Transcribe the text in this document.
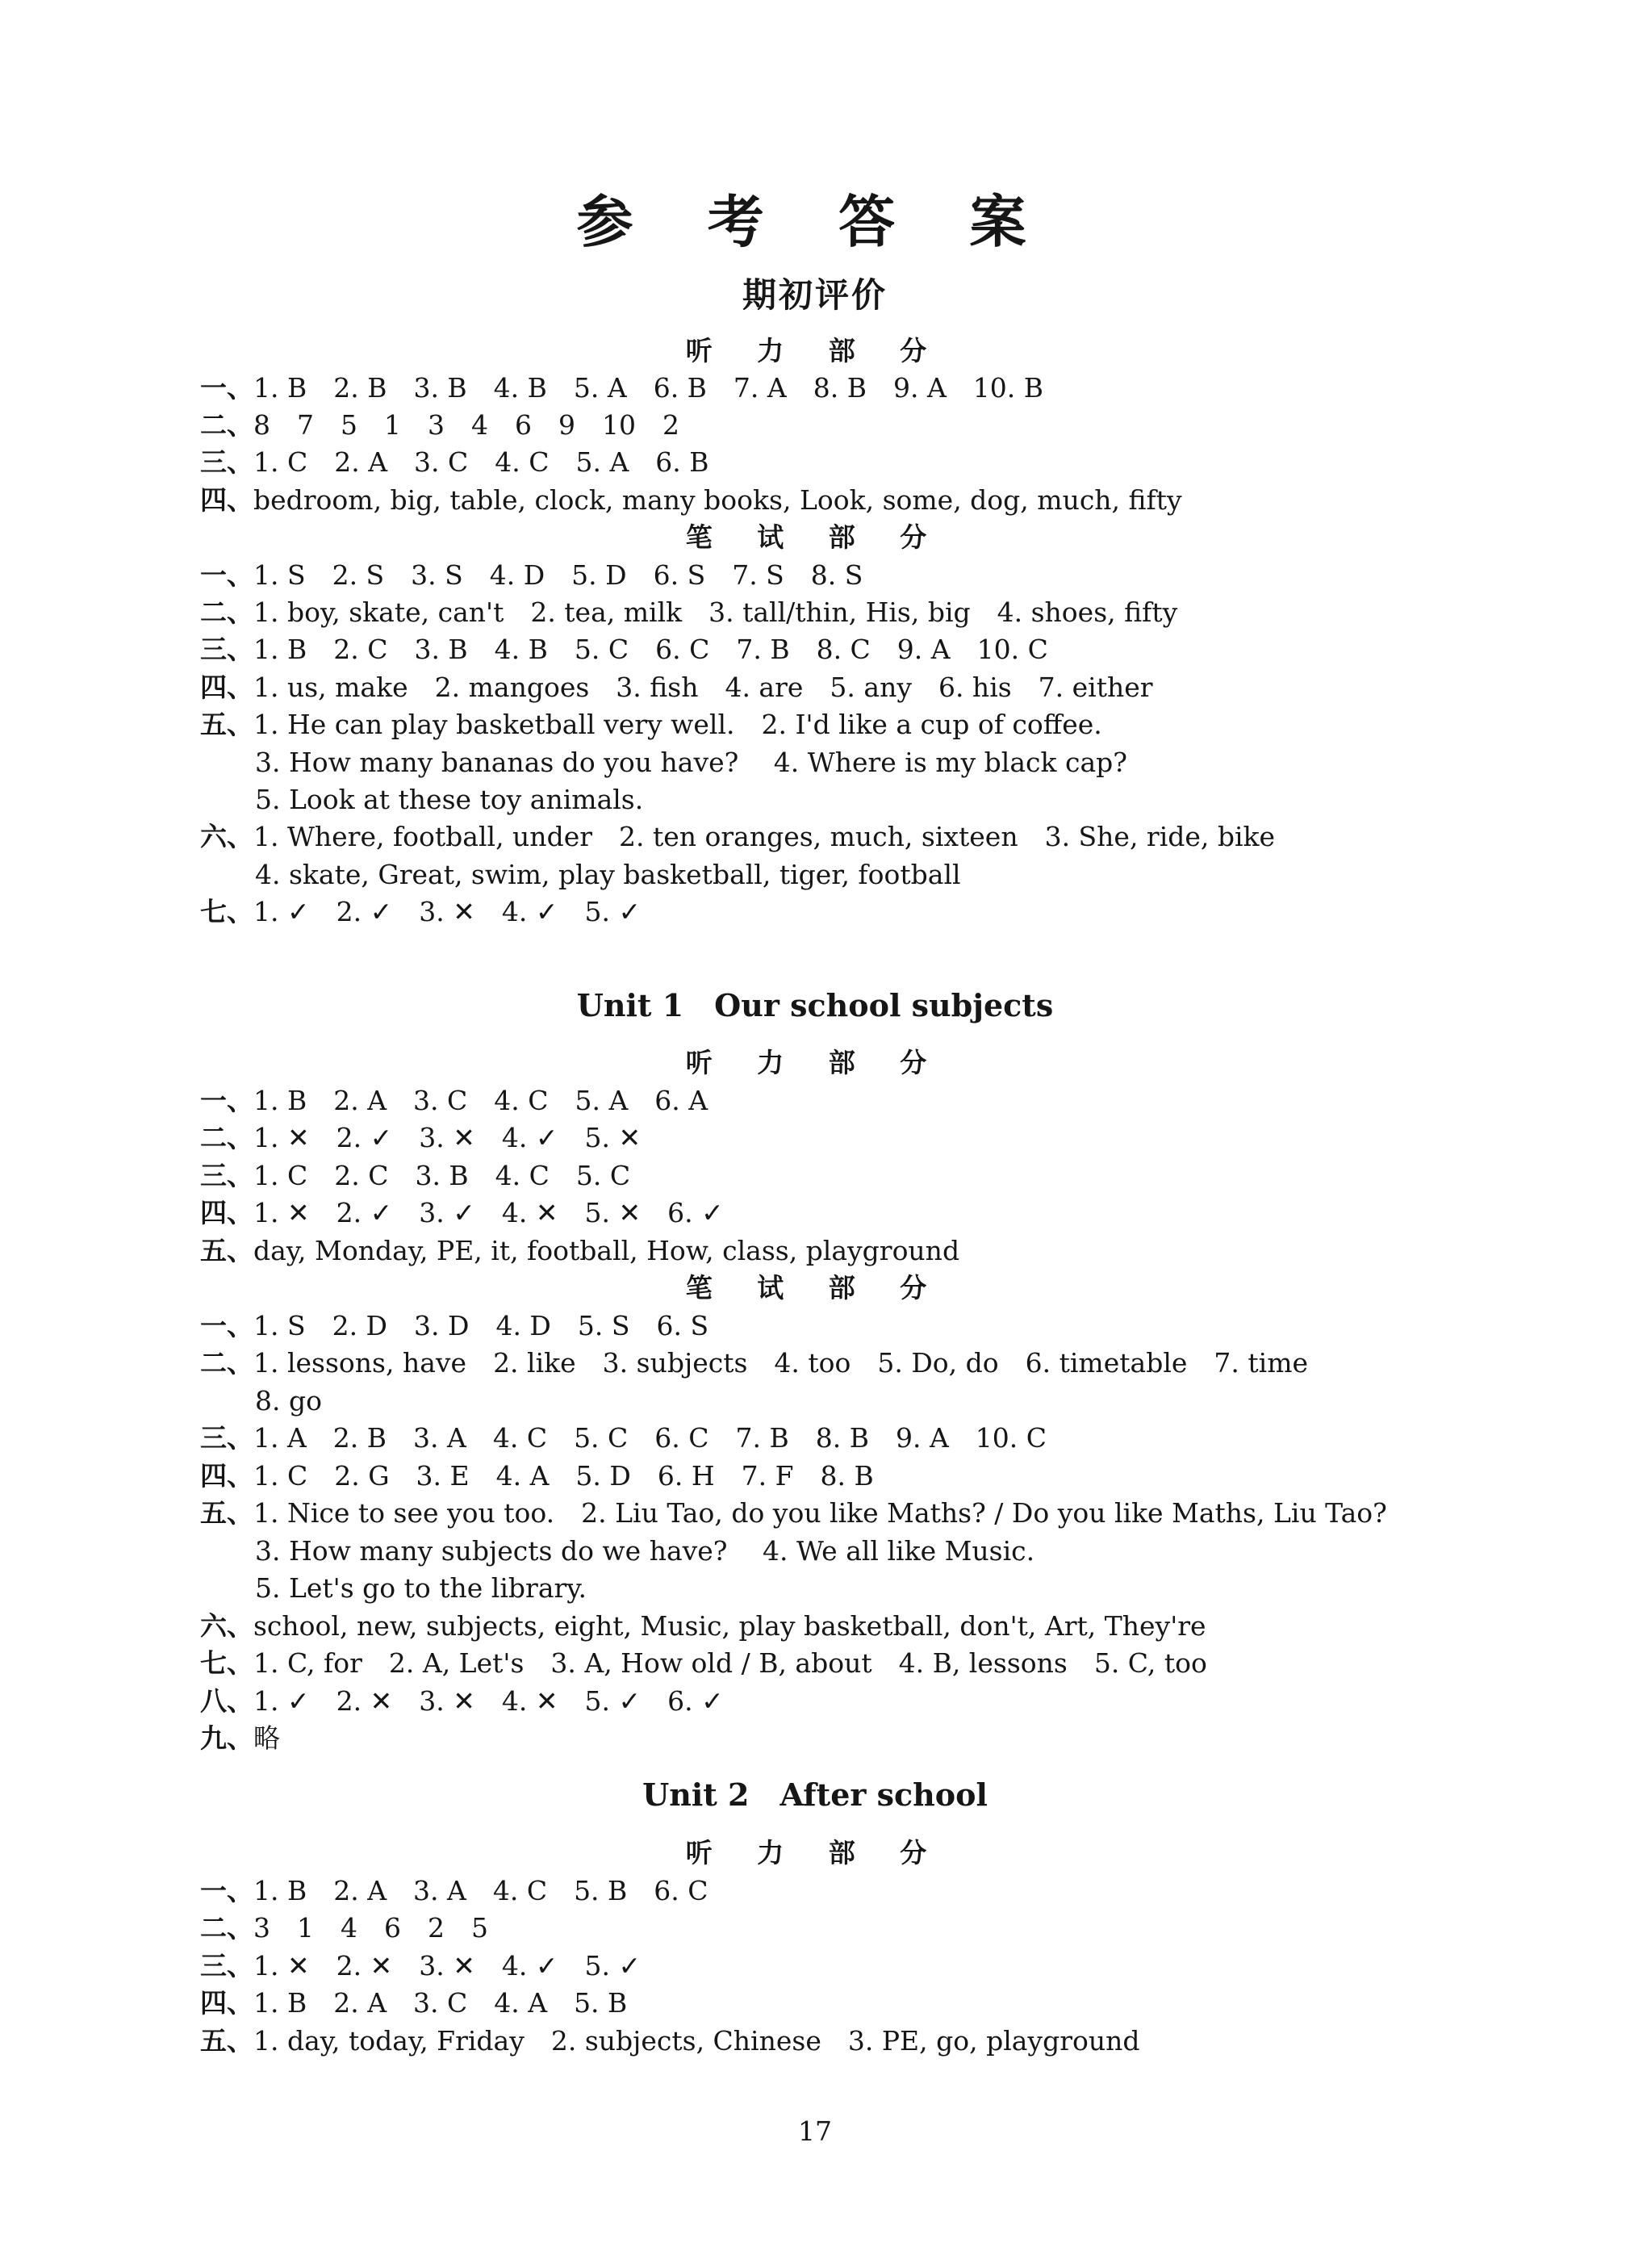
参 考 答 案
期初评价
听 力 部 分
一、1. B　2. B　3. B　4. B　5. A　6. B　7. A　8. B　9. A　10. B
二、8　7　5　1　3　4　6　9　10　2
三、1. C　2. A　3. C　4. C　5. A　6. B
四、bedroom, big, table, clock, many books, Look, some, dog, much, fifty
笔 试 部 分
一、1. S　2. S　3. S　4. D　5. D　6. S　7. S　8. S
二、1. boy, skate, can't　2. tea, milk　3. tall/thin, His, big　4. shoes, fifty
三、1. B　2. C　3. B　4. B　5. C　6. C　7. B　8. C　9. A　10. C
四、1. us, make　2. mangoes　3. fish　4. are　5. any　6. his　7. either
五、1. He can play basketball very well.　2. I'd like a cup of coffee.
3. How many bananas do you have?　 4. Where is my black cap?
5. Look at these toy animals.
六、1. Where, football, under　2. ten oranges, much, sixteen　3. She, ride, bike
4. skate, Great, swim, play basketball, tiger, football
七、1. ✓　2. ✓　3. ✕　4. ✓　5. ✓
Unit 1　Our school subjects
听 力 部 分
一、1. B　2. A　3. C　4. C　5. A　6. A
二、1. ✕　2. ✓　3. ✕　4. ✓　5. ✕
三、1. C　2. C　3. B　4. C　5. C
四、1. ✕　2. ✓　3. ✓　4. ✕　5. ✕　6. ✓
五、day, Monday, PE, it, football, How, class, playground
笔 试 部 分
一、1. S　2. D　3. D　4. D　5. S　6. S
二、1. lessons, have　2. like　3. subjects　4. too　5. Do, do　6. timetable　7. time
8. go
三、1. A　2. B　3. A　4. C　5. C　6. C　7. B　8. B　9. A　10. C
四、1. C　2. G　3. E　4. A　5. D　6. H　7. F　8. B
五、1. Nice to see you too.　2. Liu Tao, do you like Maths? / Do you like Maths, Liu Tao?
3. How many subjects do we have?　 4. We all like Music.
5. Let's go to the library.
六、school, new, subjects, eight, Music, play basketball, don't, Art, They're
七、1. C, for　2. A, Let's　3. A, How old / B, about　4. B, lessons　5. C, too
八、1. ✓　2. ✕　3. ✕　4. ✕　5. ✓　6. ✓
九、略
Unit 2　After school
听 力 部 分
一、1. B　2. A　3. A　4. C　5. B　6. C
二、3　1　4　6　2　5
三、1. ✕　2. ✕　3. ✕　4. ✓　5. ✓
四、1. B　2. A　3. C　4. A　5. B
五、1. day, today, Friday　2. subjects, Chinese　3. PE, go, playground
17
